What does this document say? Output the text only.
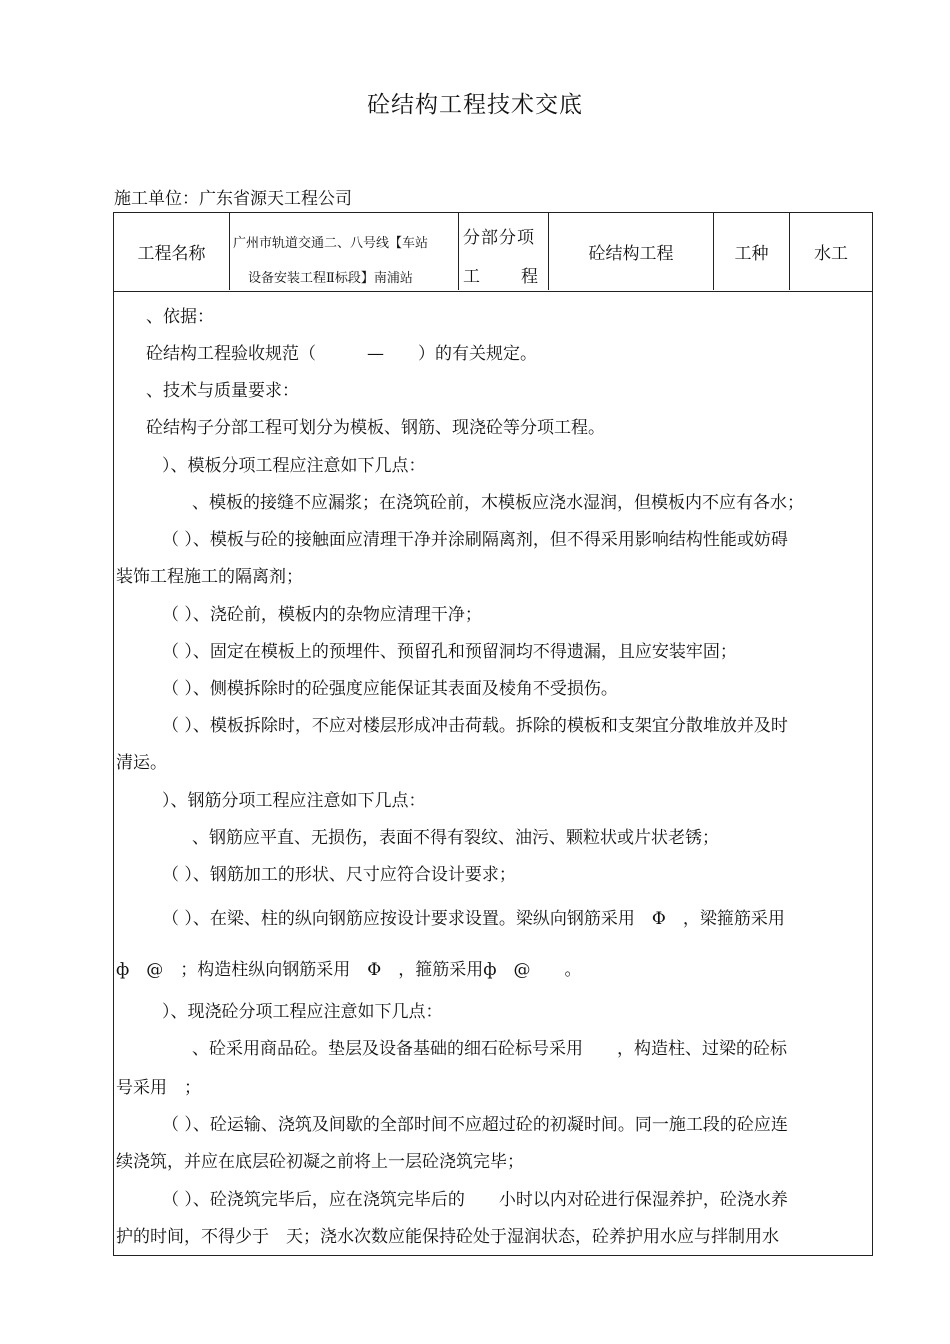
砼结构工程技术交底
施工单位：广东省源天工程公司
工程名称
广州市轨道交通二、八号线【车站
设备安装工程Ⅱ标段】南浦站
分部分项
工 程
砼结构工程	工种	水工
、依据：
砼结构工程验收规范（　　　—　　）的有关规定。
、技术与质量要求：
砼结构子分部工程可划分为模板、钢筋、现浇砼等分项工程。
）、模板分项工程应注意如下几点：
、模板的接缝不应漏浆；在浇筑砼前，木模板应浇水湿润，但模板内不应有各水；
（ ）、模板与砼的接触面应清理干净并涂刷隔离剂，但不得采用影响结构性能或妨碍
装饰工程施工的隔离剂；
（ ）、浇砼前，模板内的杂物应清理干净；
（ ）、固定在模板上的预埋件、预留孔和预留洞均不得遗漏，且应安装牢固；
（ ）、侧模拆除时的砼强度应能保证其表面及棱角不受损伤。
（ ）、模板拆除时，不应对楼层形成冲击荷载。拆除的模板和支架宜分散堆放并及时
清运。
）、钢筋分项工程应注意如下几点：
、钢筋应平直、无损伤，表面不得有裂纹、油污、颗粒状或片状老锈；
（ ）、钢筋加工的形状、尺寸应符合设计要求；
（ ）、在梁、柱的纵向钢筋应按设计要求设置。梁纵向钢筋采用　Φ　，梁箍筋采用
ф　@　；构造柱纵向钢筋采用　Φ　，箍筋采用ф　@　　。
）、现浇砼分项工程应注意如下几点：
、砼采用商品砼。垫层及设备基础的细石砼标号采用　　，构造柱、过梁的砼标
号采用　；
（ ）、砼运输、浇筑及间歇的全部时间不应超过砼的初凝时间。同一施工段的砼应连
续浇筑，并应在底层砼初凝之前将上一层砼浇筑完毕；
（ ）、砼浇筑完毕后，应在浇筑完毕后的　　小时以内对砼进行保湿养护，砼浇水养
护的时间，不得少于　天；浇水次数应能保持砼处于湿润状态，砼养护用水应与拌制用水
